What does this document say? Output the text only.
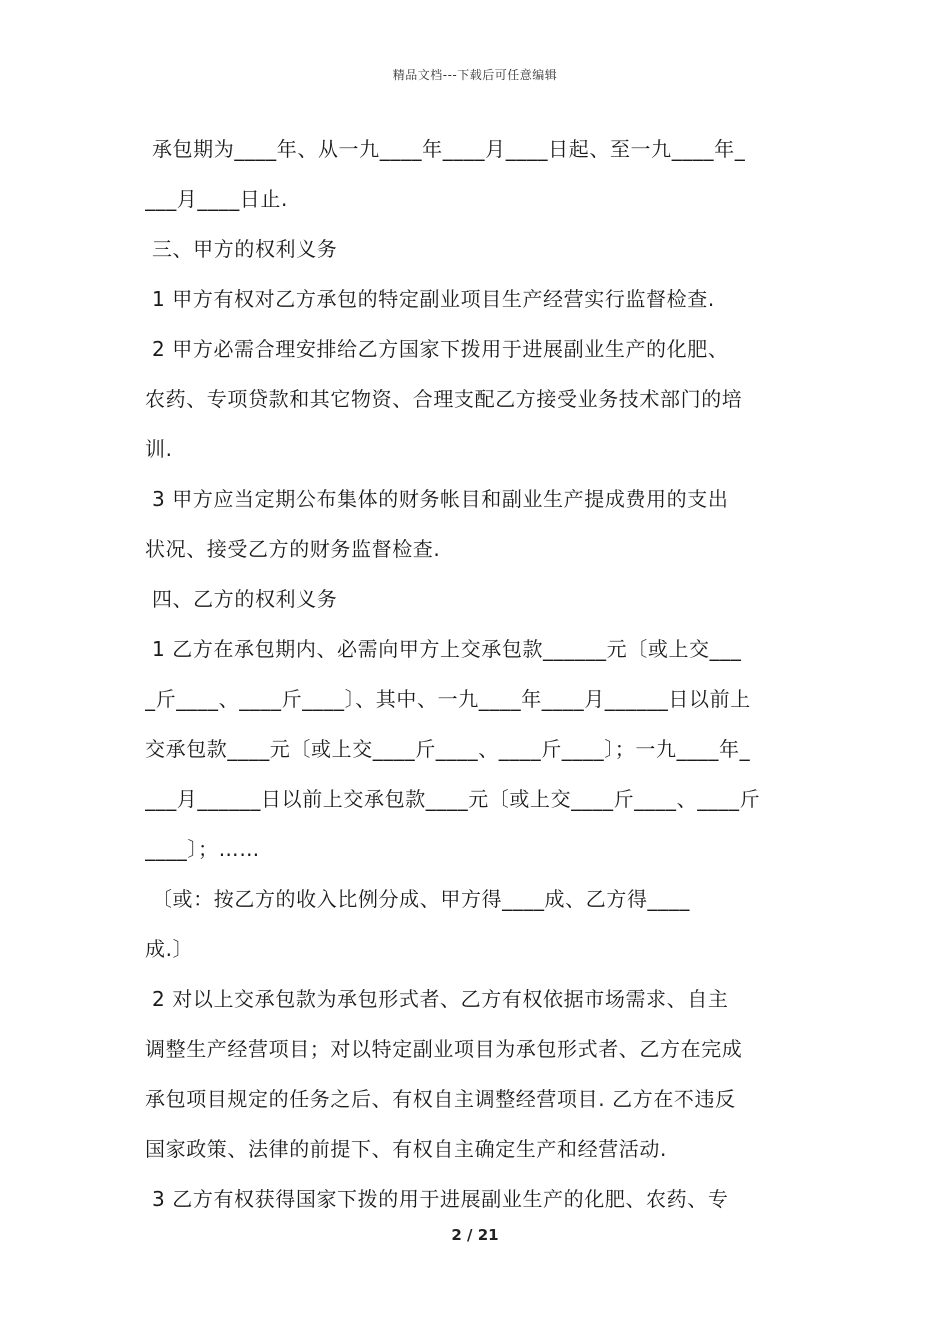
精品文档---下载后可任意编辑
承包期为____年、从一九____年____月____日起、至一九____年_
___月____日止.
三、甲方的权利义务
1 甲方有权对乙方承包的特定副业项目生产经营实行监督检查.
2 甲方必需合理安排给乙方国家下拨用于进展副业生产的化肥、
农药、专项贷款和其它物资、合理支配乙方接受业务技术部门的培
训.
3 甲方应当定期公布集体的财务帐目和副业生产提成费用的支出
状况、接受乙方的财务监督检查.
四、乙方的权利义务
1 乙方在承包期内、必需向甲方上交承包款______元〔或上交___
_斤____、____斤____〕、其中、一九____年____月______日以前上
交承包款____元〔或上交____斤____、____斤____〕；一九____年_
___月______日以前上交承包款____元〔或上交____斤____、____斤
____〕；……
〔或：按乙方的收入比例分成、甲方得____成、乙方得____
成.〕
2 对以上交承包款为承包形式者、乙方有权依据市场需求、自主
调整生产经营项目；对以特定副业项目为承包形式者、乙方在完成
承包项目规定的任务之后、有权自主调整经营项目. 乙方在不违反
国家政策、法律的前提下、有权自主确定生产和经营活动.
3 乙方有权获得国家下拨的用于进展副业生产的化肥、农药、专
2 / 21
